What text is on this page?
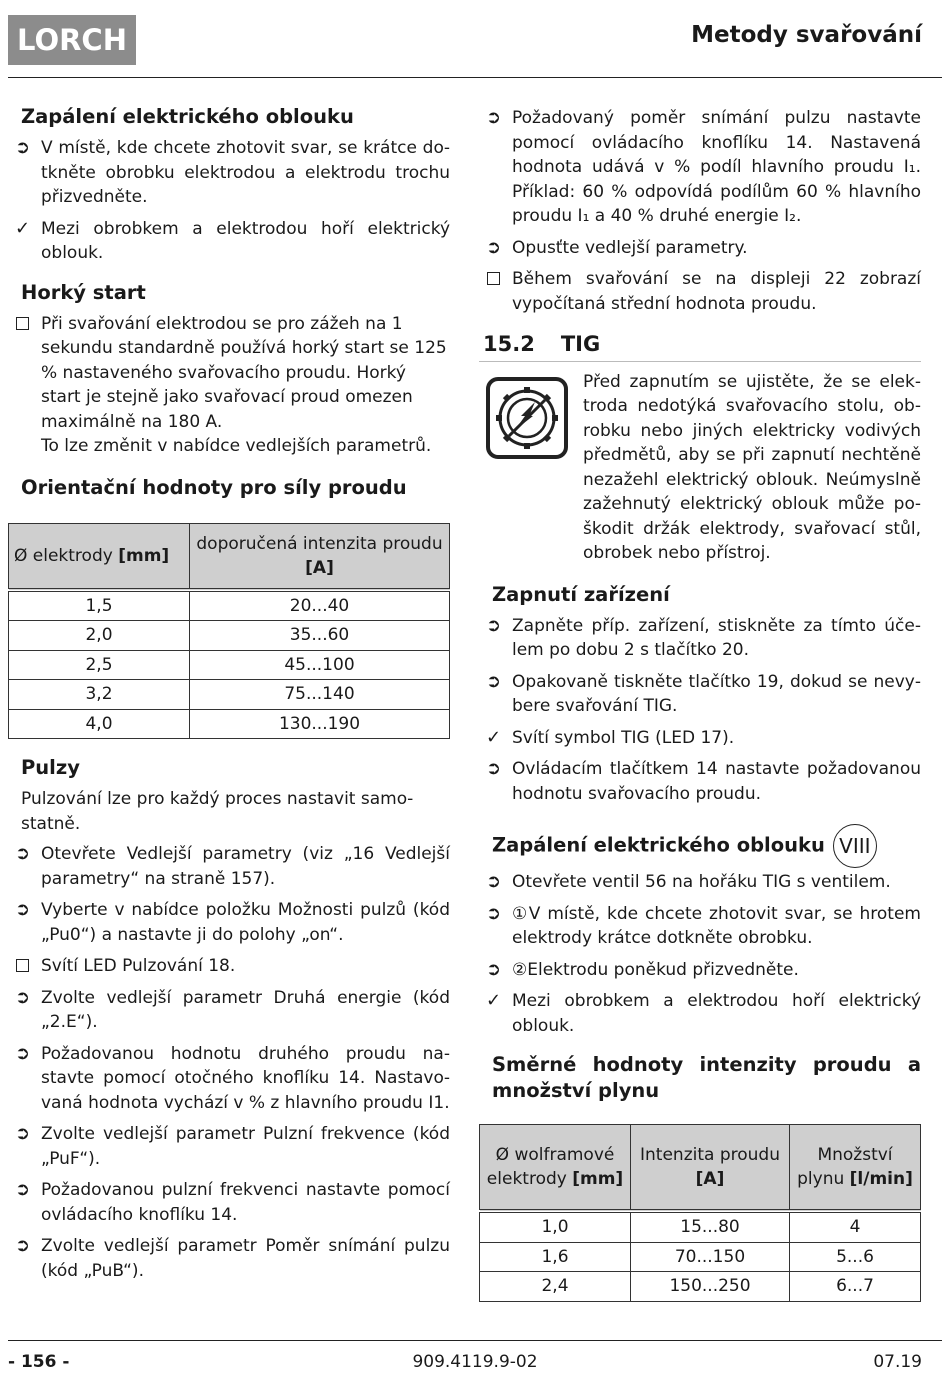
LORCH	Metody svařování
Zapálení elektrického oblouku
➲ V místě, kde chcete zhotovit svar, se krátce dotkněte obrobku elektrodou a elektrodu trochu přizvedněte.
✓ Mezi obrobkem a elektrodou hoří elektrický oblouk.
Horký start
Při svařování elektrodou se pro zážeh na 1 sekundu standardně používá horký start se 125 % nastaveného svařovacího proudu. Horký start je stejně jako svařovací proud omezen maximálně na 180 A.
To lze změnit v nabídce vedlejších parametrů.
Orientační hodnoty pro síly proudu
Ø elektrody [mm]	doporučená intenzita proudu [A]
1,5	20...40
2,0	35...60
2,5	45...100
3,2	75...140
4,0	130...190
Pulzy
Pulzování lze pro každý proces nastavit samostatně.
➲ Otevřete Vedlejší parametry (viz „16 Vedlejší parametry“ na straně 157).
➲ Vyberte v nabídce položku Možnosti pulzů (kód „Pu0“) a nastavte ji do polohy „on“.
Svítí LED Pulzování 18.
➲ Zvolte vedlejší parametr Druhá energie (kód „2.E“).
➲ Požadovanou hodnotu druhého proudu nastavte pomocí otočného knoflíku 14. Nastavovaná hodnota vychází v % z hlavního proudu I1.
➲ Zvolte vedlejší parametr Pulzní frekvence (kód „PuF“).
➲ Požadovanou pulzní frekvenci nastavte pomocí ovládacího knoflíku 14.
➲ Zvolte vedlejší parametr Poměr snímání pulzu (kód „PuB“).
➲ Požadovaný poměr snímání pulzu nastavte pomocí ovládacího knoflíku 14. Nastavená hodnota udává v % podíl hlavního proudu I₁. Příklad: 60 % odpovídá podílům 60 % hlavního proudu I₁ a 40 % druhé energie I₂.
➲ Opusťte vedlejší parametry.
Během svařování se na displeji 22 zobrazí vypočítaná střední hodnota proudu.
15.2 TIG
Před zapnutím se ujistěte, že se elektroda nedotýká svařovacího stolu, obrobku nebo jiných elektricky vodivých předmětů, aby se při zapnutí nechtěně nezažehl elektrický oblouk. Neúmyslně zažehnutý elektrický oblouk může poškodit držák elektrody, svařovací stůl, obrobek nebo přístroj.
Zapnutí zařízení
➲ Zapněte příp. zařízení, stiskněte za tímto účelem po dobu 2 s tlačítko 20.
➲ Opakovaně tiskněte tlačítko 19, dokud se nevybere svařování TIG.
✓ Svítí symbol TIG (LED 17).
➲ Ovládacím tlačítkem 14 nastavte požadovanou hodnotu svařovacího proudu.
Zapálení elektrického oblouku VIII
➲ Otevřete ventil 56 na hořáku TIG s ventilem.
➲ ①V místě, kde chcete zhotovit svar, se hrotem elektrody krátce dotkněte obrobku.
➲ ②Elektrodu poněkud přizvedněte.
✓ Mezi obrobkem a elektrodou hoří elektrický oblouk.
Směrné hodnoty intenzity proudu a množství plynu
Ø wolframové elektrody [mm]	Intenzita proudu [A]	Množství plynu [l/min]
1,0	15...80	4
1,6	70...150	5...6
2,4	150...250	6...7
909.4119.9-02
- 156 -	07.19
